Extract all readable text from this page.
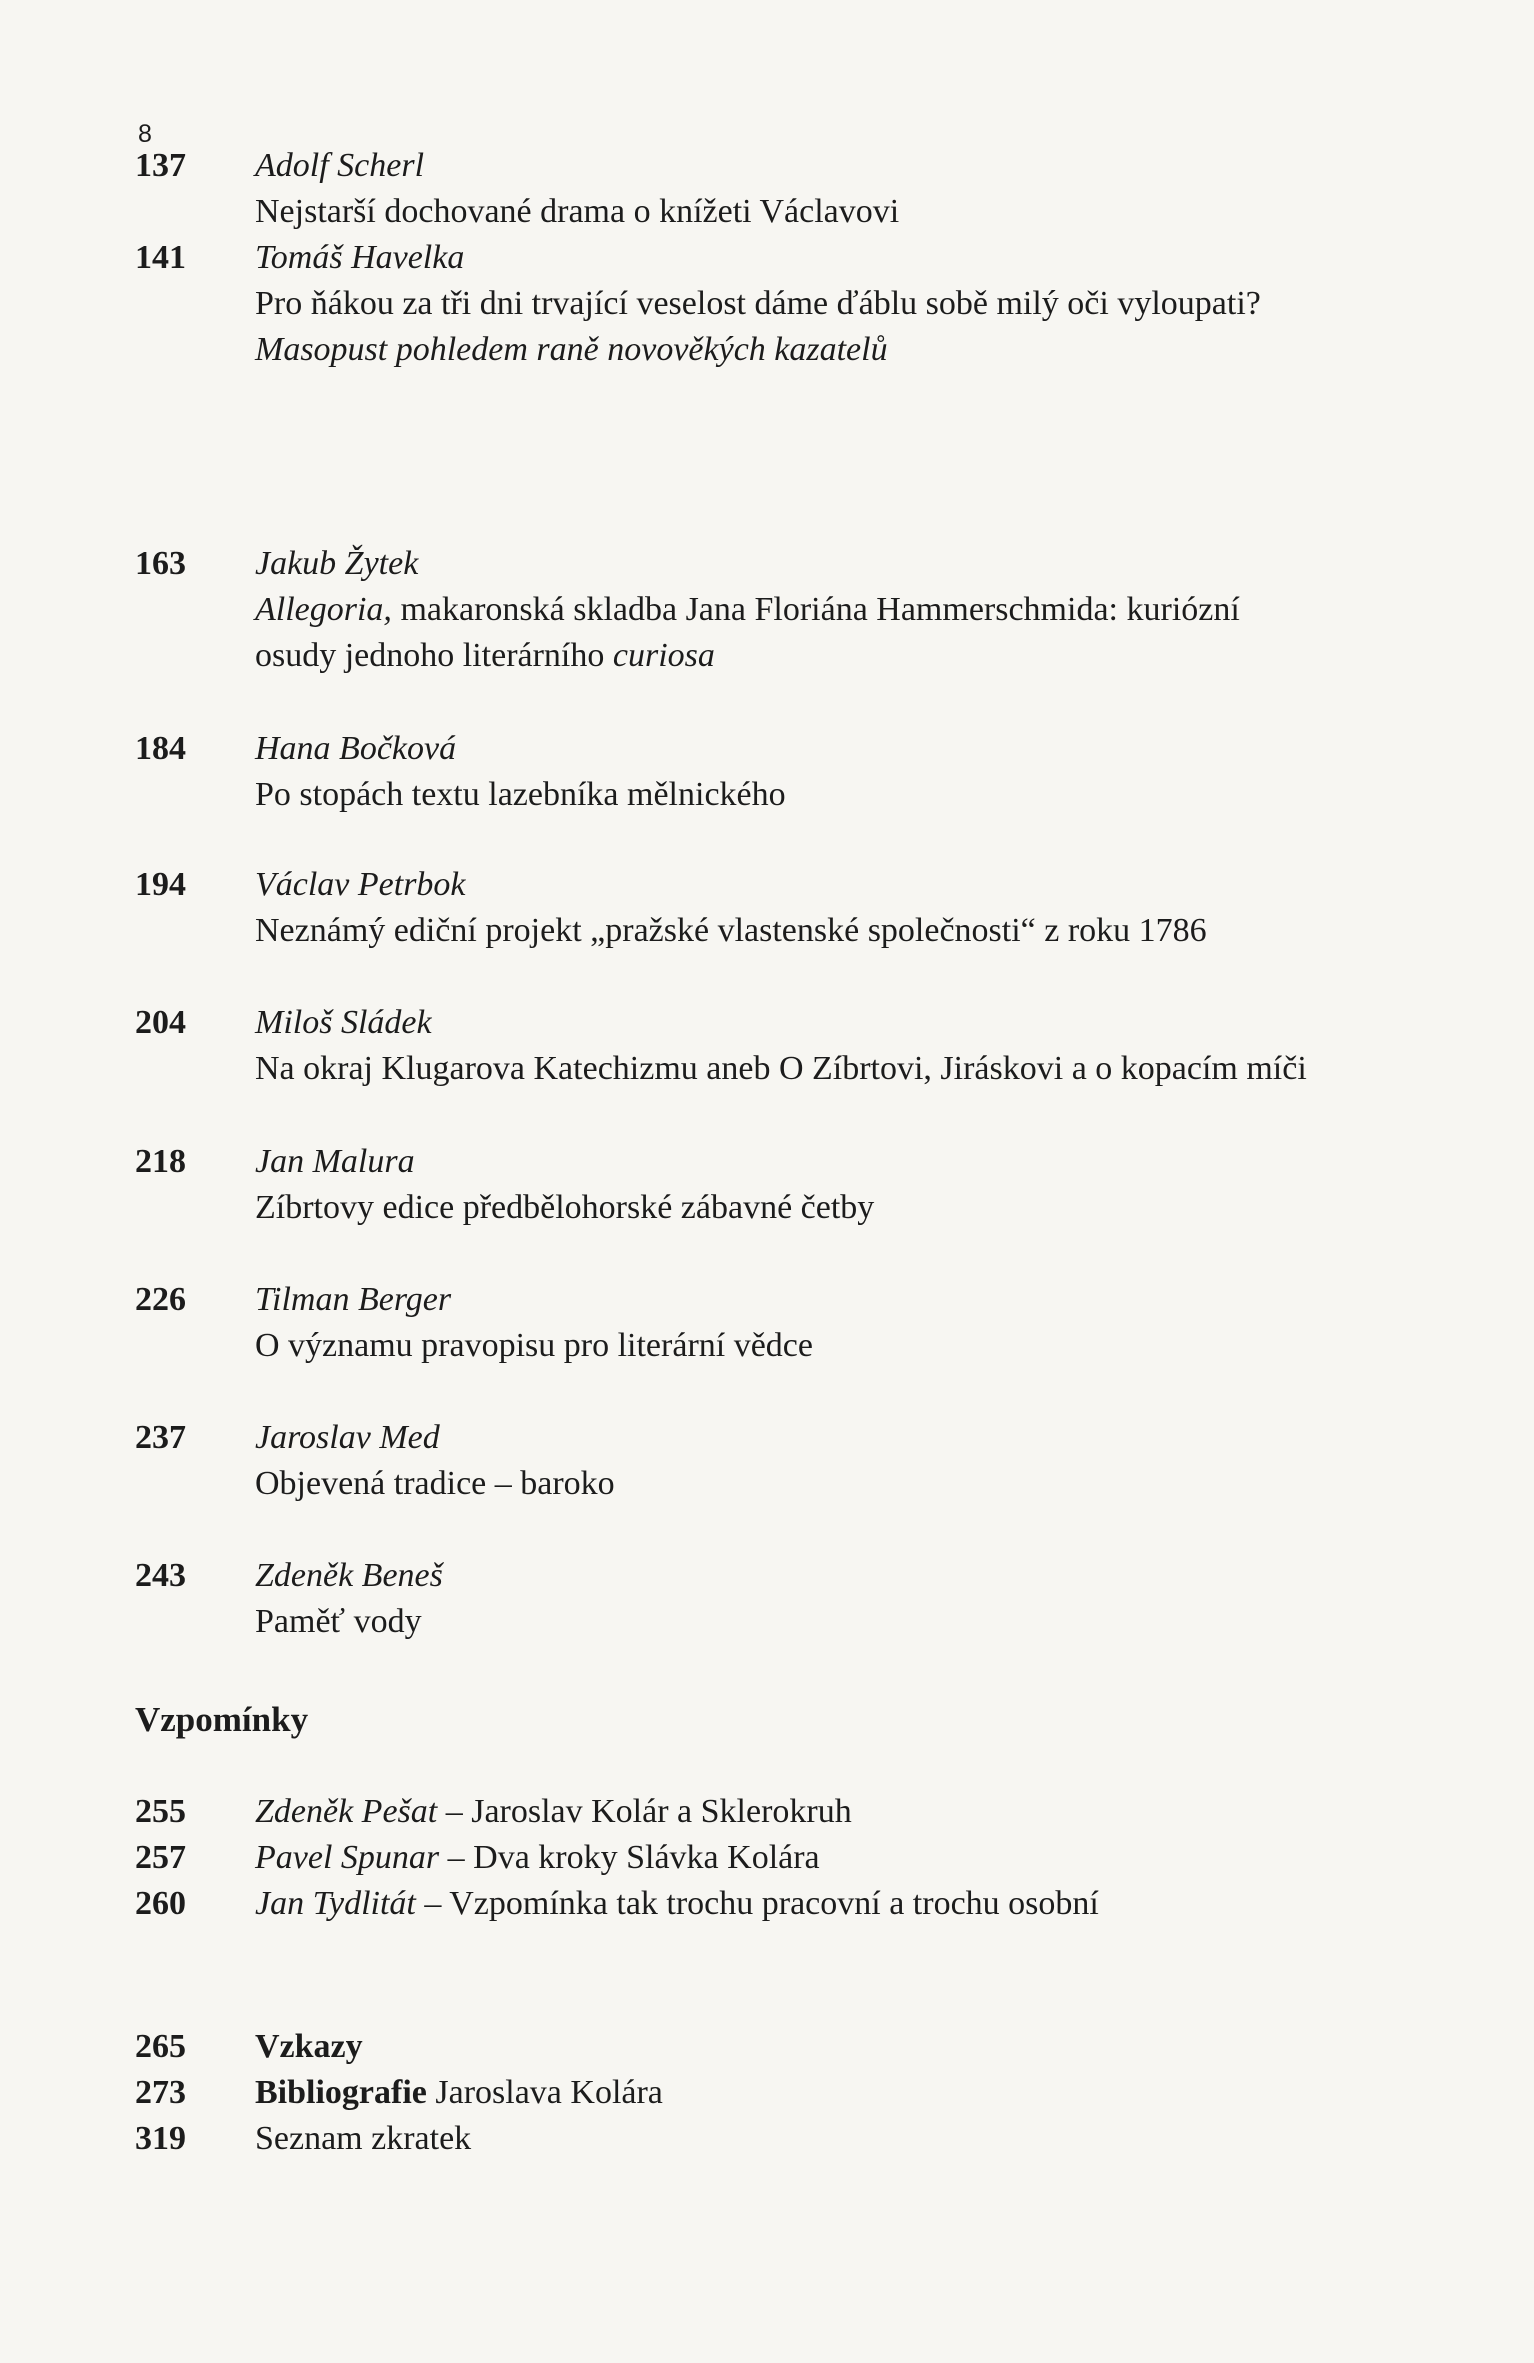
8
137	Adolf Scherl
Nejstarší dochované drama o knížeti Václavovi
141	Tomáš Havelka
Pro ňákou za tři dni trvající veselost dáme ďáblu sobě milý oči vyloupati?
Masopust pohledem raně novověkých kazatelů
163	Jakub Žytek
Allegoria, makaronská skladba Jana Floriána Hammerschmida: kuriózní
osudy jednoho literárního curiosa
184	Hana Bočková
Po stopách textu lazebníka mělnického
194	Václav Petrbok
Neznámý ediční projekt „pražské vlastenské společnosti“ z roku 1786
204	Miloš Sládek
Na okraj Klugarova Katechizmu aneb O Zíbrtovi, Jiráskovi a o kopacím míči
218	Jan Malura
Zíbrtovy edice předbělohorské zábavné četby
226	Tilman Berger
O významu pravopisu pro literární vědce
237	Jaroslav Med
Objevená tradice – baroko
243	Zdeněk Beneš
Paměť vody
Vzpomínky
255	Zdeněk Pešat – Jaroslav Kolár a Sklerokruh
257	Pavel Spunar – Dva kroky Slávka Kolára
260	Jan Tydlitát – Vzpomínka tak trochu pracovní a trochu osobní
265	Vzkazy
273	Bibliografie Jaroslava Kolára
319	Seznam zkratek
